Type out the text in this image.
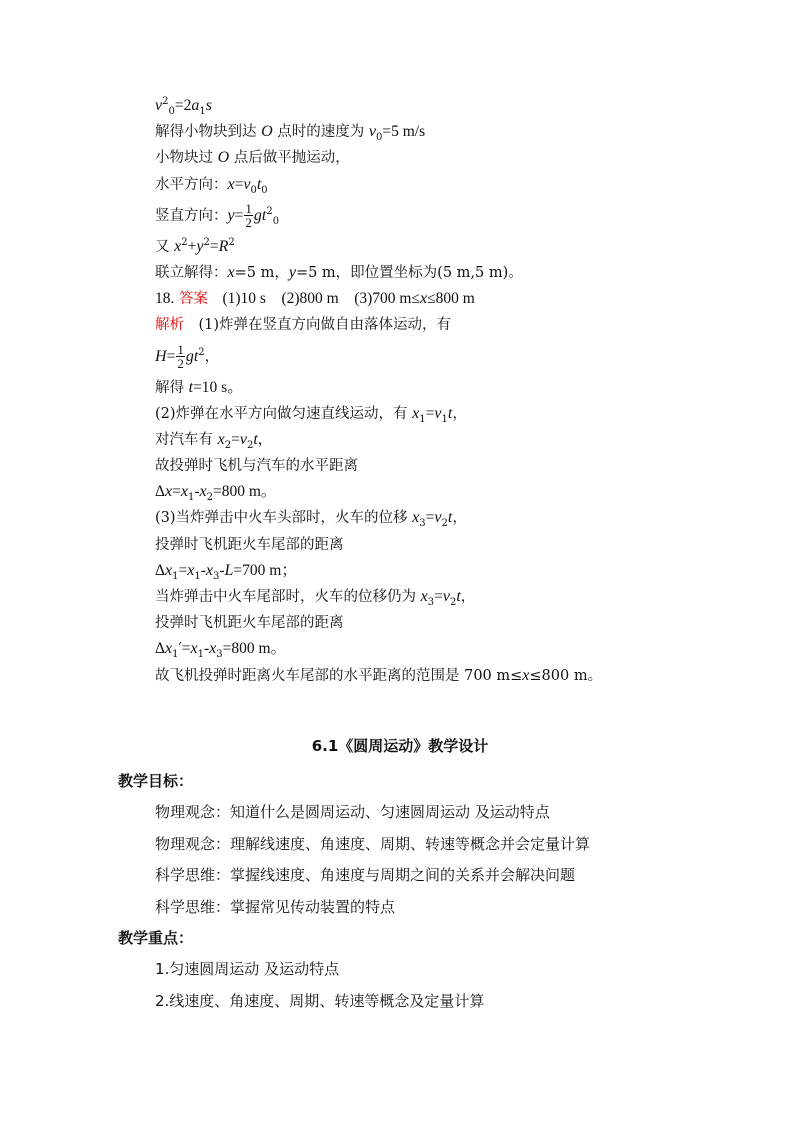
$v^2_0=2a_1s$
解得小物块到达 O 点时的速度为 $v_0=5$ m/s
小物块过 O 点后做平抛运动，
水平方向：$x=v_0t_0$
竖直方向：$y= \frac{1}{2} gt^2_0$
又 $x^2+y^2=R^2$
联立解得：x=5 m，y=5 m，即位置坐标为(5 m,5 m)。
18. 答案　 (1)10 s　(2)800 m　(3)700 m≤x≤800 m
解析　 (1)炸弹在竖直方向做自由落体运动，有
$H= \frac{1}{2} gt^2$，
解得 t=10 s。
(2)炸弹在水平方向做匀速直线运动，有 $x_1=v_1t$，
对汽车有 $x_2=v_2t$，
故投弹时飞机与汽车的水平距离
$\Delta x=x_1-x_2=800$ m。
(3)当炸弹击中火车头部时，火车的位移 $x_3=v_2t$，
投弹时飞机距火车尾部的距离
$\Delta x_1=x_1-x_3-L=700$ m；
当炸弹击中火车尾部时，火车的位移仍为 $x_3=v_2t$，
投弹时飞机距火车尾部的距离
$\Delta x_1'=x_1-x_3=800$ m。
故飞机投弹时距离火车尾部的水平距离的范围是 700 m≤x≤800 m。
6.1《圆周运动》教学设计
教学目标：
物理观念：知道什么是圆周运动、匀速圆周运动 及运动特点
物理观念：理解线速度、角速度、周期、转速等概念并会定量计算
科学思维：掌握线速度、角速度与周期之间的关系并会解决问题
科学思维：掌握常见传动装置的特点
教学重点：
1.匀速圆周运动 及运动特点
2.线速度、角速度、周期、转速等概念及定量计算
